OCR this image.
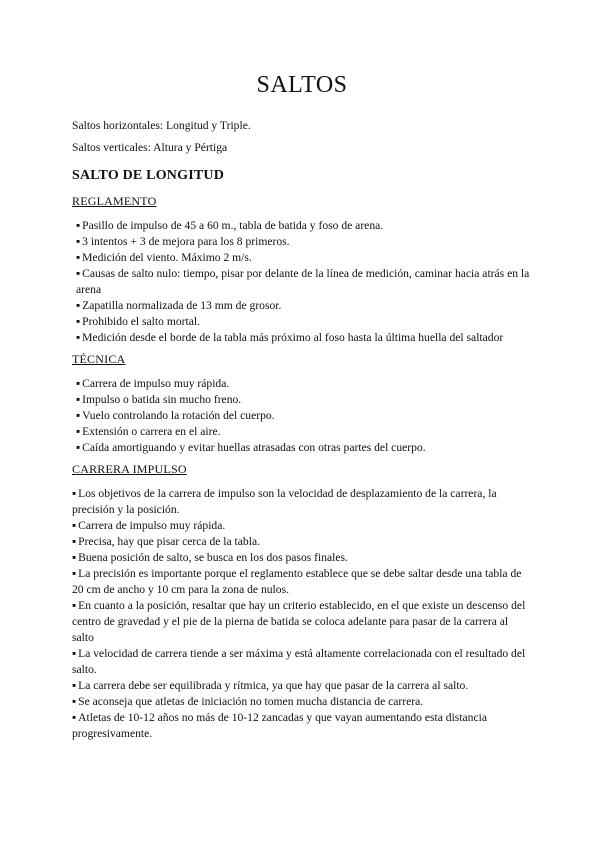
SALTOS

Saltos horizontales: Longitud y Triple.

Saltos verticales: Altura y Pértiga

SALTO DE LONGITUD
REGLAMENTO
▪ Pasillo de impulso de 45 a 60 m., tabla de batida y foso de arena.
▪ 3 intentos + 3 de mejora para los 8 primeros.
▪ Medición del viento. Máximo 2 m/s.
▪ Causas de salto nulo: tiempo, pisar por delante de la línea de medición, caminar hacia atrás en la arena
▪ Zapatilla normalizada de 13 mm de grosor.
▪ Prohibido el salto mortal.
▪ Medición desde el borde de la tabla más próximo al foso hasta la última huella del saltador
TÉCNICA
▪ Carrera de impulso muy rápida.
▪ Impulso o batida sin mucho freno.
▪ Vuelo controlando la rotación del cuerpo.
▪ Extensión o carrera en el aire.
▪ Caída amortiguando y evitar huellas atrasadas con otras partes del cuerpo.
CARRERA IMPULSO
▪ Los objetivos de la carrera de impulso son la velocidad de desplazamiento de la carrera, la precisión y la posición.
▪ Carrera de impulso muy rápida.
▪ Precisa, hay que pisar cerca de la tabla.
▪ Buena posición de salto, se busca en los dos pasos finales.
▪ La precisión es importante porque el reglamento establece que se debe saltar desde una tabla de 20 cm de ancho y 10 cm para la zona de nulos.
▪ En cuanto a la posición, resaltar que hay un criterio establecido, en el que existe un descenso del centro de gravedad y el pie de la pierna de batida se coloca adelante para pasar de la carrera al salto
▪ La velocidad de carrera tiende a ser máxima y está altamente correlacionada con el resultado del salto.
▪ La carrera debe ser equilibrada y rítmica, ya que hay que pasar de la carrera al salto.
▪ Se aconseja que atletas de iniciación no tomen mucha distancia de carrera.
▪ Atletas de 10-12 años no más de 10-12 zancadas y que vayan aumentando esta distancia progresivamente.
